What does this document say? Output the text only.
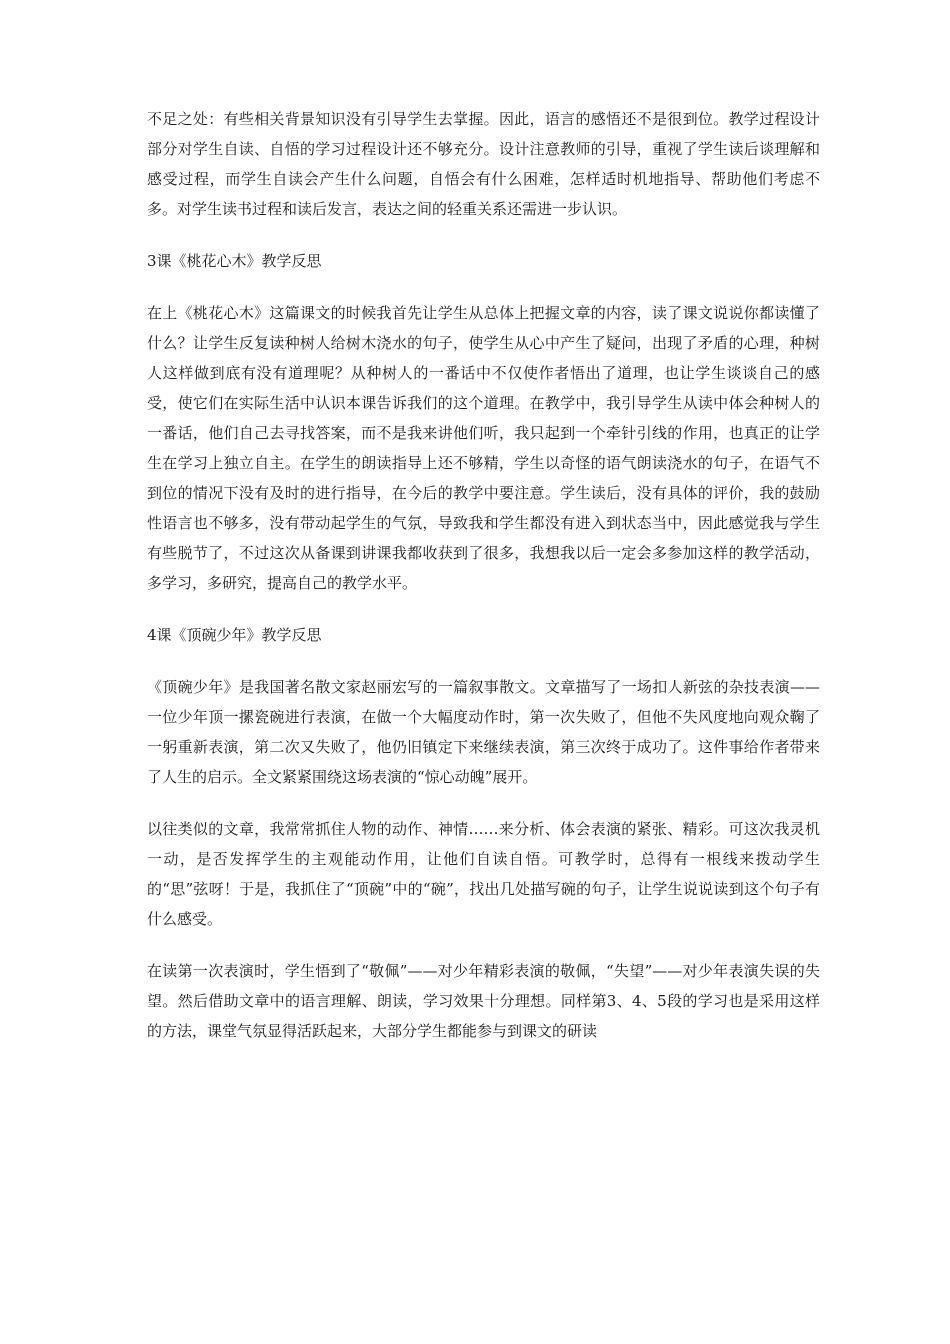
不足之处：有些相关背景知识没有引导学生去掌握。因此，语言的感悟还不是很到位。教学过程设计部分对学生自读、自悟的学习过程设计还不够充分。设计注意教师的引导，重视了学生读后谈理解和感受过程，而学生自读会产生什么问题，自悟会有什么困难，怎样适时机地指导、帮助他们考虑不多。对学生读书过程和读后发言，表达之间的轻重关系还需进一步认识。

3课《桃花心木》教学反思

在上《桃花心木》这篇课文的时候我首先让学生从总体上把握文章的内容，读了课文说说你都读懂了什么？让学生反复读种树人给树木浇水的句子，使学生从心中产生了疑问，出现了矛盾的心理，种树人这样做到底有没有道理呢？从种树人的一番话中不仅使作者悟出了道理，也让学生谈谈自己的感受，使它们在实际生活中认识本课告诉我们的这个道理。在教学中，我引导学生从读中体会种树人的一番话，他们自己去寻找答案，而不是我来讲他们听，我只起到一个牵针引线的作用，也真正的让学生在学习上独立自主。在学生的朗读指导上还不够精，学生以奇怪的语气朗读浇水的句子，在语气不到位的情况下没有及时的进行指导，在今后的教学中要注意。学生读后，没有具体的评价，我的鼓励性语言也不够多，没有带动起学生的气氛，导致我和学生都没有进入到状态当中，因此感觉我与学生有些脱节了，不过这次从备课到讲课我都收获到了很多，我想我以后一定会多参加这样的教学活动，多学习，多研究，提高自己的教学水平。

4课《顶碗少年》教学反思

《顶碗少年》是我国著名散文家赵丽宏写的一篇叙事散文。文章描写了一场扣人新弦的杂技表演——一位少年顶一摞瓷碗进行表演，在做一个大幅度动作时，第一次失败了，但他不失风度地向观众鞠了一躬重新表演，第二次又失败了，他仍旧镇定下来继续表演，第三次终于成功了。这件事给作者带来了人生的启示。全文紧紧围绕这场表演的“惊心动魄”展开。

以往类似的文章，我常常抓住人物的动作、神情……来分析、体会表演的紧张、精彩。可这次我灵机一动，是否发挥学生的主观能动作用，让他们自读自悟。可教学时，总得有一根线来拨动学生的“思”弦呀！于是，我抓住了“顶碗”中的“碗”，找出几处描写碗的句子，让学生说说读到这个句子有什么感受。

在读第一次表演时，学生悟到了“敬佩”——对少年精彩表演的敬佩，“失望”——对少年表演失误的失望。然后借助文章中的语言理解、朗读，学习效果十分理想。同样第3、4、5段的学习也是采用这样的方法，课堂气氛显得活跃起来，大部分学生都能参与到课文的研读
